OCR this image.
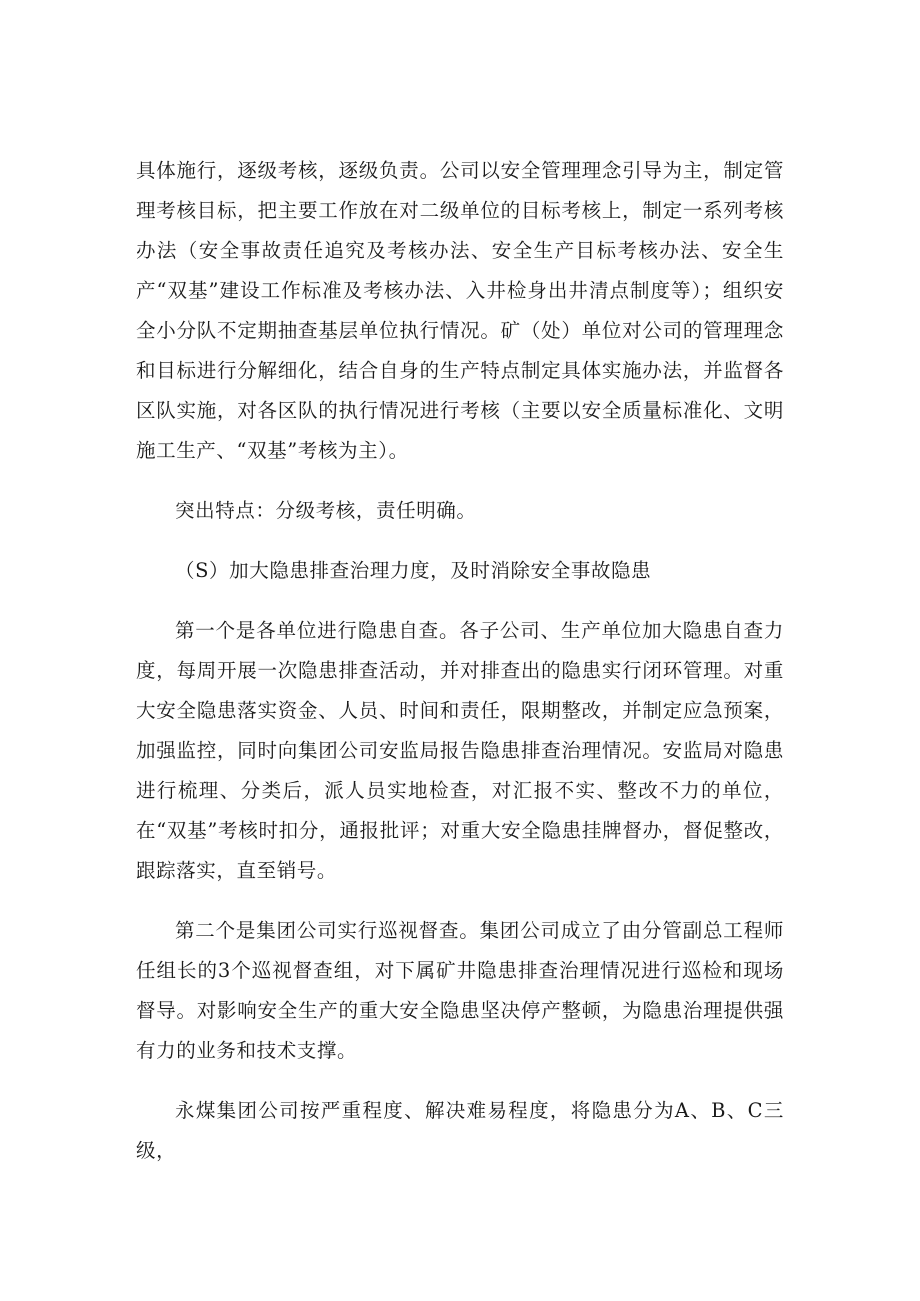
具体施行，逐级考核，逐级负责。公司以安全管理理念引导为主，制定管理考核目标，把主要工作放在对二级单位的目标考核上，制定一系列考核办法（安全事故责任追究及考核办法、安全生产目标考核办法、安全生产“双基”建设工作标准及考核办法、入井检身出井清点制度等）；组织安全小分队不定期抽查基层单位执行情况。矿（处）单位对公司的管理理念和目标进行分解细化，结合自身的生产特点制定具体实施办法，并监督各区队实施，对各区队的执行情况进行考核（主要以安全质量标准化、文明施工生产、“双基”考核为主）。

突出特点：分级考核，责任明确。

（S）加大隐患排查治理力度，及时消除安全事故隐患

第一个是各单位进行隐患自查。各子公司、生产单位加大隐患自查力度，每周开展一次隐患排查活动，并对排查出的隐患实行闭环管理。对重大安全隐患落实资金、人员、时间和责任，限期整改，并制定应急预案，加强监控，同时向集团公司安监局报告隐患排查治理情况。安监局对隐患进行梳理、分类后，派人员实地检查，对汇报不实、整改不力的单位，在“双基”考核时扣分，通报批评；对重大安全隐患挂牌督办，督促整改，跟踪落实，直至销号。

第二个是集团公司实行巡视督查。集团公司成立了由分管副总工程师任组长的3个巡视督查组，对下属矿井隐患排查治理情况进行巡检和现场督导。对影响安全生产的重大安全隐患坚决停产整顿，为隐患治理提供强有力的业务和技术支撑。

永煤集团公司按严重程度、解决难易程度，将隐患分为A、B、C三级，
